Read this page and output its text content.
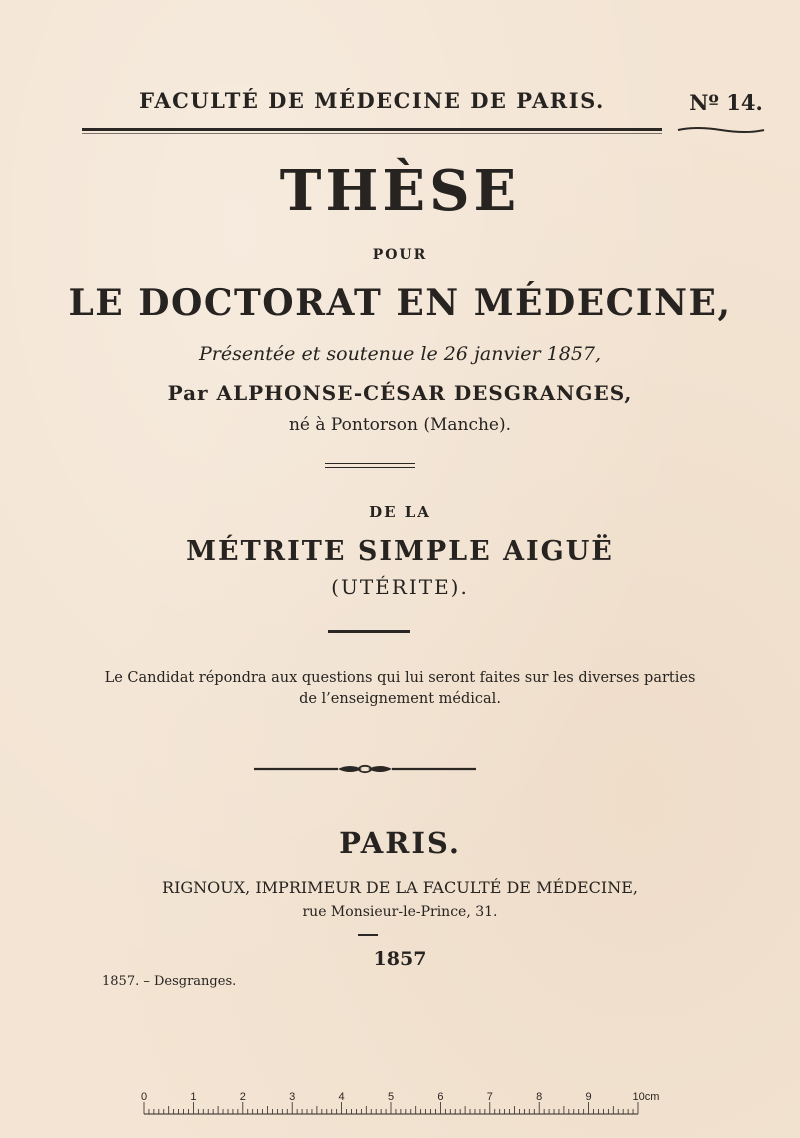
FACULTÉ DE MÉDECINE DE PARIS.	Nº 14.
THÈSE
POUR
LE DOCTORAT EN MÉDECINE,
Présentée et soutenue le 26 janvier 1857,
Par ALPHONSE-CÉSAR DESGRANGES,
né à Pontorson (Manche).
DE LA
MÉTRITE SIMPLE AIGUË
(UTÉRITE).
Le Candidat répondra aux questions qui lui seront faites sur les diverses parties
de l’enseignement médical.
PARIS.
RIGNOUX, IMPRIMEUR DE LA FACULTÉ DE MÉDECINE,
rue Monsieur-le-Prince, 31.
1857
1857. – Desgranges.
0	1	2	3	4	5	6	7	8	9	10cm
